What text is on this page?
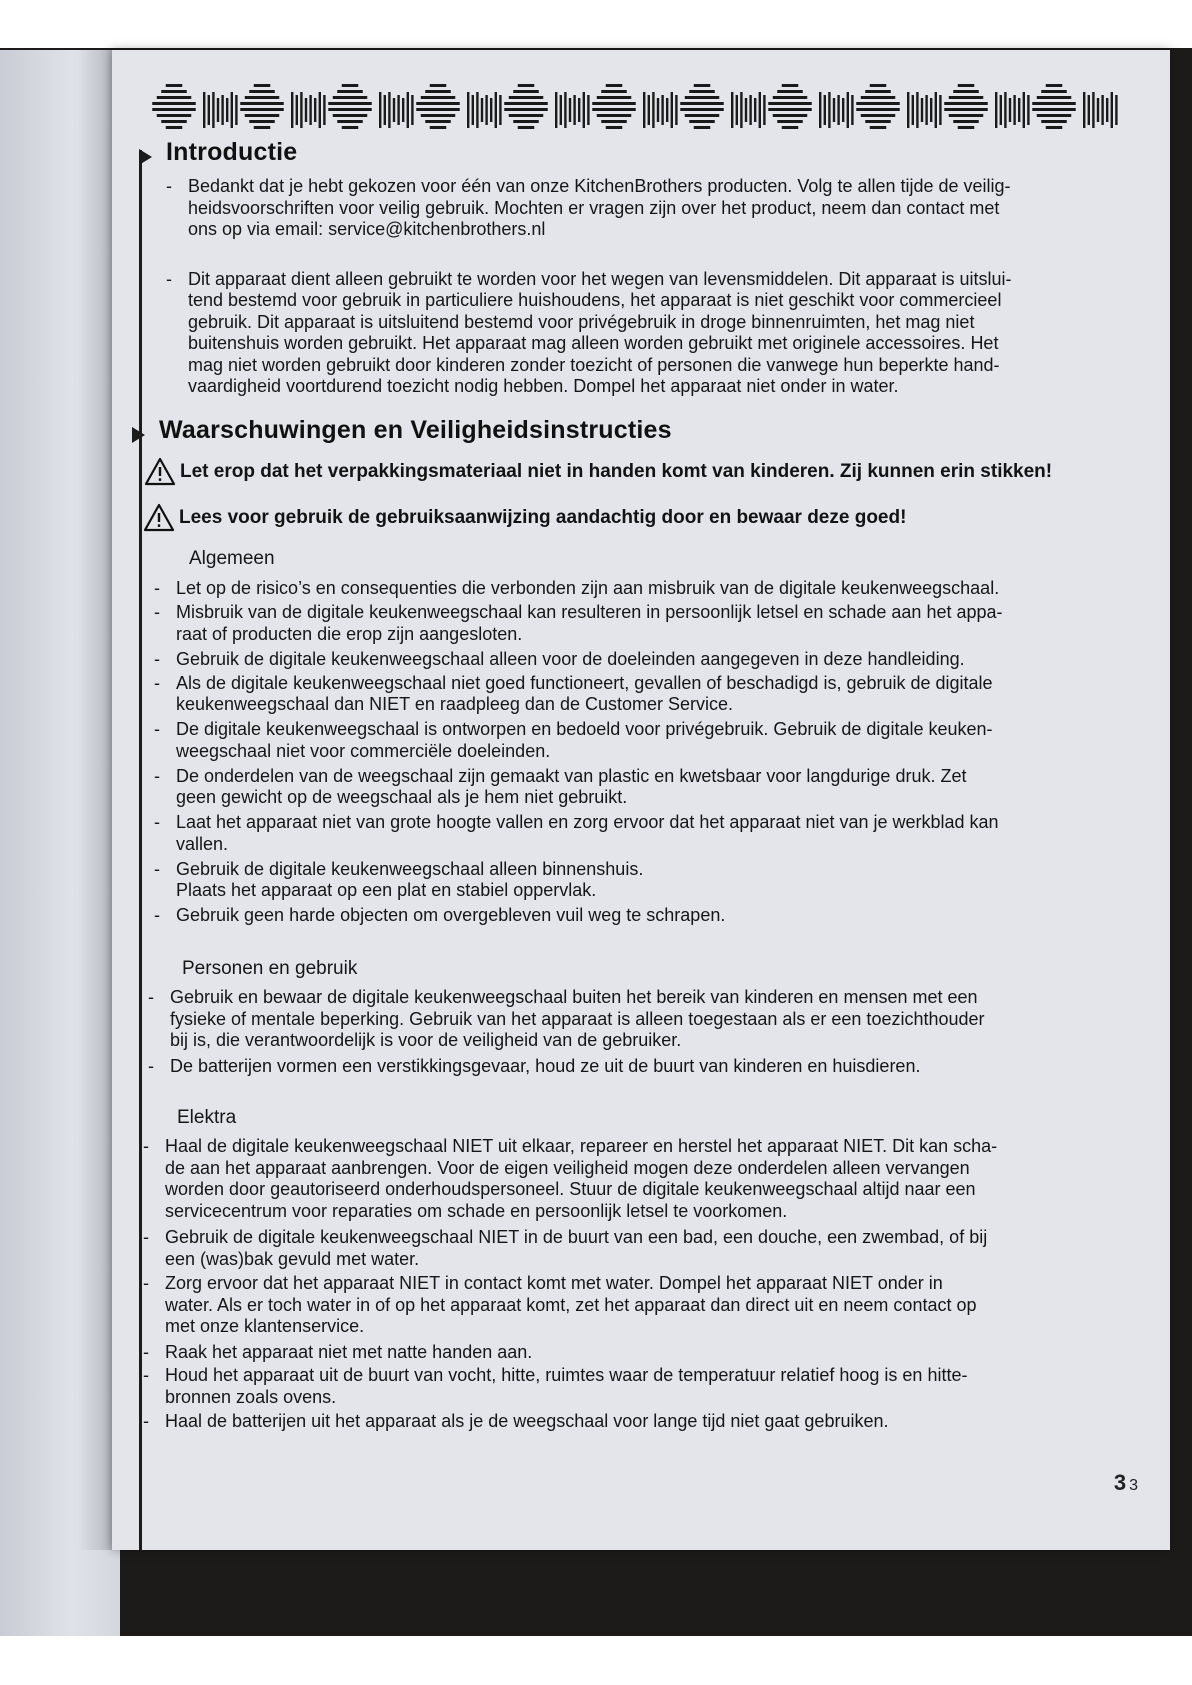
Introductie
- Bedankt dat je hebt gekozen voor één van onze KitchenBrothers producten. Volg te allen tijde de veilig-
heidsvoorschriften voor veilig gebruik. Mochten er vragen zijn over het product, neem dan contact met
ons op via email: service@kitchenbrothers.nl
- Dit apparaat dient alleen gebruikt te worden voor het wegen van levensmiddelen. Dit apparaat is uitslui-
tend bestemd voor gebruik in particuliere huishoudens, het apparaat is niet geschikt voor commercieel
gebruik. Dit apparaat is uitsluitend bestemd voor privégebruik in droge binnenruimten, het mag niet
buitenshuis worden gebruikt. Het apparaat mag alleen worden gebruikt met originele accessoires. Het
mag niet worden gebruikt door kinderen zonder toezicht of personen die vanwege hun beperkte hand-
vaardigheid voortdurend toezicht nodig hebben. Dompel het apparaat niet onder in water.
Waarschuwingen en Veiligheidsinstructies
Let erop dat het verpakkingsmateriaal niet in handen komt van kinderen. Zij kunnen erin stikken!
Lees voor gebruik de gebruiksaanwijzing aandachtig door en bewaar deze goed!
Algemeen
- Let op de risico’s en consequenties die verbonden zijn aan misbruik van de digitale keukenweegschaal.
- Misbruik van de digitale keukenweegschaal kan resulteren in persoonlijk letsel en schade aan het appa-
raat of producten die erop zijn aangesloten.
- Gebruik de digitale keukenweegschaal alleen voor de doeleinden aangegeven in deze handleiding.
- Als de digitale keukenweegschaal niet goed functioneert, gevallen of beschadigd is, gebruik de digitale
keukenweegschaal dan NIET en raadpleeg dan de Customer Service.
- De digitale keukenweegschaal is ontworpen en bedoeld voor privégebruik. Gebruik de digitale keuken-
weegschaal niet voor commerciële doeleinden.
- De onderdelen van de weegschaal zijn gemaakt van plastic en kwetsbaar voor langdurige druk. Zet
geen gewicht op de weegschaal als je hem niet gebruikt.
- Laat het apparaat niet van grote hoogte vallen en zorg ervoor dat het apparaat niet van je werkblad kan
vallen.
- Gebruik de digitale keukenweegschaal alleen binnenshuis.
Plaats het apparaat op een plat en stabiel oppervlak.
- Gebruik geen harde objecten om overgebleven vuil weg te schrapen.
Personen en gebruik
- Gebruik en bewaar de digitale keukenweegschaal buiten het bereik van kinderen en mensen met een
fysieke of mentale beperking. Gebruik van het apparaat is alleen toegestaan als er een toezichthouder
bij is, die verantwoordelijk is voor de veiligheid van de gebruiker.
- De batterijen vormen een verstikkingsgevaar, houd ze uit de buurt van kinderen en huisdieren.
Elektra
- Haal de digitale keukenweegschaal NIET uit elkaar, repareer en herstel het apparaat NIET. Dit kan scha-
de aan het apparaat aanbrengen. Voor de eigen veiligheid mogen deze onderdelen alleen vervangen
worden door geautoriseerd onderhoudspersoneel. Stuur de digitale keukenweegschaal altijd naar een
servicecentrum voor reparaties om schade en persoonlijk letsel te voorkomen.
- Gebruik de digitale keukenweegschaal NIET in de buurt van een bad, een douche, een zwembad, of bij
een (was)bak gevuld met water.
- Zorg ervoor dat het apparaat NIET in contact komt met water. Dompel het apparaat NIET onder in
water. Als er toch water in of op het apparaat komt, zet het apparaat dan direct uit en neem contact op
met onze klantenservice.
- Raak het apparaat niet met natte handen aan.
- Houd het apparaat uit de buurt van vocht, hitte, ruimtes waar de temperatuur relatief hoog is en hitte-
bronnen zoals ovens.
- Haal de batterijen uit het apparaat als je de weegschaal voor lange tijd niet gaat gebruiken.
3 3
